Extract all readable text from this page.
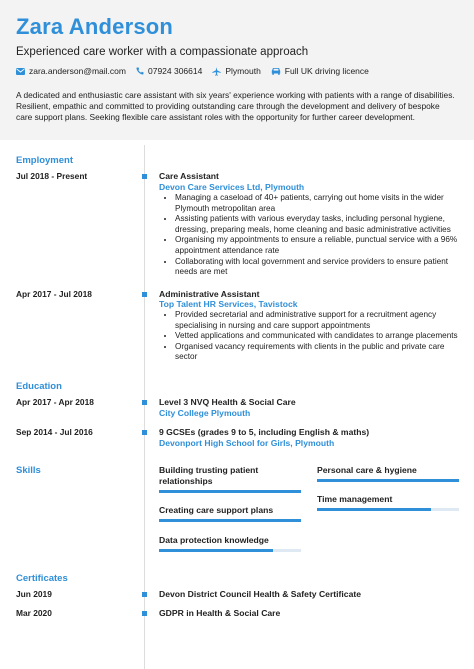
Zara Anderson
Experienced care worker with a compassionate approach
zara.anderson@mail.com	07924 306614	Plymouth	Full UK driving licence
A dedicated and enthusiastic care assistant with six years' experience working with patients with a range of disabilities. Resilient, empathic and committed to providing outstanding care through the development and delivery of bespoke care support plans. Seeking flexible care assistant roles with the opportunity for further career development.
Employment
Jul 2018 - Present	Care Assistant
Devon Care Services Ltd, Plymouth
• Managing a caseload of 40+ patients, carrying out home visits in the wider Plymouth metropolitan area
• Assisting patients with various everyday tasks, including personal hygiene, dressing, preparing meals, home cleaning and basic administrative activities
• Organising my appointments to ensure a reliable, punctual service with a 96% appointment attendance rate
• Collaborating with local government and service providers to ensure patient needs are met
Apr 2017 - Jul 2018	Administrative Assistant
Top Talent HR Services, Tavistock
• Provided secretarial and administrative support for a recruitment agency specialising in nursing and care support appointments
• Vetted applications and communicated with candidates to arrange placements
• Organised vacancy requirements with clients in the public and private care sector
Education
Apr 2017 - Apr 2018	Level 3 NVQ Health & Social Care
City College Plymouth
Sep 2014 - Jul 2016	9 GCSEs (grades 9 to 5, including English & maths)
Devonport High School for Girls, Plymouth
Skills	Building trusting patient relationships
Personal care & hygiene
Creating care support plans
Time management
Data protection knowledge
Certificates
Jun 2019	Devon District Council Health & Safety Certificate
Mar 2020	GDPR in Health & Social Care
